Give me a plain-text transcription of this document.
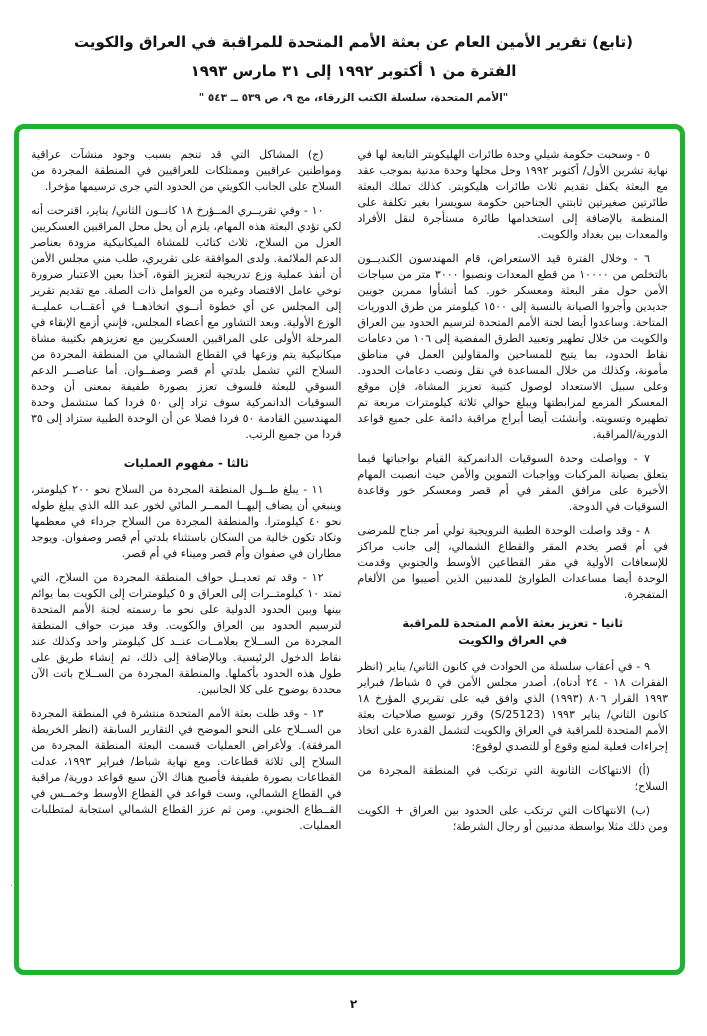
(تابع) تقرير الأمين العام عن بعثة الأمم المتحدة للمراقبة في العراق والكويت
الفترة من ١ أكتوبر ١٩٩٢ إلى ٣١ مارس ١٩٩٣
"الأمم المتحدة، سلسلة الكتب الزرقاء، مج ٩، ص ٥٣٩ ــ ٥٤٣ "

٥ - وسحبت حكومة شيلي وحدة طائرات الهليكوبتر التابعة لها في نهاية تشرين الأول/ أكتوبر ١٩٩٢ وحل محلها وحدة مدنية بموجب عقد مع البعثة يكفل تقديم ثلاث طائرات هليكوبتر. كذلك تملك البعثة طائرتين صغيرتين ثابتتي الجناحين حكومة سويسرا بغير تكلفة على المنظمة بالإضافة إلى استخدامها طائرة مستأجرة لنقل الأفراد والمعدات بين بغداد والكويت.

٦ - وخلال الفترة قيد الاستعراض، قام المهندسون الكنديــون بالتخلص من ١٠٠٠٠ من قطع المعدات ونصبوا ٣٠٠٠ متر من سياجات الأمن حول مقر البعثة ومعسكر خور. كما أنشأوا ممرين جويين جديدين وأجروا الصيانة بالنسبة إلى ١٥٠٠ كيلومتر من طرق الدوريات المتاحة. وساعدوا أيضا لجنة الأمم المتحدة لترسيم الحدود بين العراق والكويت من خلال تطهير وتعبيد الطرق المفضية إلى ١٠٦ من دعامات نقاط الحدود، بما يتيح للمساحين والمقاولين العمل في مناطق مأمونة، وكذلك من خلال المساعدة في نقل ونصب دعامات الحدود. وعلى سبيل الاستعداد لوصول كتيبة تعزيز المشاة، فإن موقع المعسكر المزمع لمرابطتها ويبلغ حوالي ثلاثة كيلومترات مربعة تم تطهيره وتسويته. وأنشئت أيضا أبراج مراقبة دائمة على جميع قواعد الدورية/المراقبة.

٧ - وواصلت وحدة السوقيات الدانمركية القيام بواجباتها فيما يتعلق بصيانة المركبات وواجبات التموين والأمن حيث انصبت المهام الأخيرة على مرافق المقر في أم قصر ومعسكر خور وقاعدة السوقيات في الدوحة.

٨ - وقد واصلت الوحدة الطبية النرويجية تولي أمر جناح للمرضى في أم قصر يخدم المقر والقطاع الشمالي، إلى جانب مراكز للإسعافات الأولية في مقر القطاعين الأوسط والجنوبي وقدمت الوحدة أيضا مساعدات الطوارئ للمدنيين الذين أصيبوا من الألغام المتفجرة.

ثانيا - تعزيز بعثة الأمم المتحدة للمراقبة
في العراق والكويت

٩ - في أعقاب سلسلة من الحوادث في كانون الثاني/ يناير (انظر الفقرات ١٨ - ٢٤ أدناه)، أصدر مجلس الأمن في ٥ شباط/ فبراير ١٩٩٣ القرار ٨٠٦ (١٩٩٣) الذي وافق فيه على تقريري المؤرخ ١٨ كانون الثاني/ يناير ١٩٩٣ (S/25123) وقرر توسيع صلاحيات بعثة الأمم المتحدة للمراقبة في العراق والكويت لتشمل القدرة على اتخاذ إجراءات فعلية لمنع وقوع أو للتصدي لوقوع:

(أ) الانتهاكات الثانوية التي ترتكب في المنطقة المجردة من السلاح؛

(ب) الانتهاكات التي ترتكب على الحدود بين العراق + الكويت ومن ذلك مثلا بواسطة مدنيين أو رجال الشرطة؛

(ج) المشاكل التي قد تنجم بسبب وجود منشآت عراقية ومواطنين عراقيين وممتلكات للعراقيين في المنطقة المجردة من السلاح على الجانب الكويتي من الحدود التي جرى ترسيمها مؤخرا.

١٠ - وفي تقريــري المــؤرخ ١٨ كانــون الثاني/ يناير، اقترحت أنه لكي تؤدي البعثة هذه المهام، يلزم أن يحل محل المراقبين العسكريين العزل من السلاح، ثلاث كتائب للمشاة الميكانيكية مزودة بعناصر الدعم الملائمة. ولدى الموافقة على تقريري، طلب مني مجلس الأمن أن أنفذ عملية وزع تدريجية لتعزيز القوة، آخذا بعين الاعتبار ضرورة توخي عامل الاقتصاد وغيره من العوامل ذات الصلة. مع تقديم تقرير إلى المجلس عن أي خطوة أنــوي اتخاذهــا في أعقــاب عمليــة الوزع الأولية. وبعد التشاور مع أعضاء المجلس، فإنني أزمع الإبقاء في المرحلة الأولى على المراقبين العسكريين مع تعزيزهم بكتيبة مشاة ميكانيكية يتم وزعها في القطاع الشمالي من المنطقة المجردة من السلاح التي تشمل بلدتي أم قصر وصفــوان. أما عناصــر الدعم السوقي للبعثة فلسوف تعزز بصورة طفيفة بمعنى أن وحدة السوقيات الدانمركية سوف تزاد إلى ٥٠ فردا كما ستشمل وحدة المهندسين القادمة ٥٠ فردا فضلا عن أن الوحدة الطبية ستزاد إلى ٣٥ فردا من جميع الرتب.

ثالثا - مفهوم العمليات

١١ - يبلغ طــول المنطقة المجردة من السلاح نحو ٢٠٠ كيلومتر، وينبغي أن يضاف إليهــا الممــر المائي لخور عبد الله الذي يبلغ طوله نحو ٤٠ كيلومترا. والمنطقة المجردة من السلاح جرداء في معظمها وتكاد تكون خالية من السكان باستثناء بلدتي أم قصر وصفوان. ويوجد مطاران في صفوان وأم قصر وميناء في أم قصر.

١٢ - وقد تم تعديــل حواف المنطقة المجردة من السلاح، التي تمتد ١٠ كيلومتــرات إلى العراق و ٥ كيلومترات إلى الكويت بما يوائم بينها وبين الحدود الدولية على نحو ما رسمته لجنة الأمم المتحدة لترسيم الحدود بين العراق والكويت. وقد ميزت حواف المنطقة المجردة من الســلاح بعلامــات عنــد كل كيلومتر واحد وكذلك عند نقاط الدخول الرئيسية. وبالإضافة إلى ذلك، تم إنشاء طريق على طول هذه الحدود بأكملها. والمنطقة المجردة من الســلاح باتت الآن محددة بوضوح على كلا الجانبين.

١٣ - وقد ظلت بعثة الأمم المتحدة منتشرة في المنطقة المجردة من الســلاح على النحو الموضح في التقارير السابقة (انظر الخريطة المرفقة). ولأغراض العمليات قسمت البعثة المنطقة المجردة من السلاح إلى ثلاثة قطاعات. ومع نهاية شباط/ فبراير ١٩٩٣، عدلت القطاعات بصورة طفيفة فأصبح هناك الآن سبع قواعد دورية/ مراقبة في القطاع الشمالي، وست قواعد في القطاع الأوسط وخمــس في القــطاع الجنوبي. ومن ثم عزز القطاع الشمالي استجابة لمتطلبات العمليات.

..
٢
